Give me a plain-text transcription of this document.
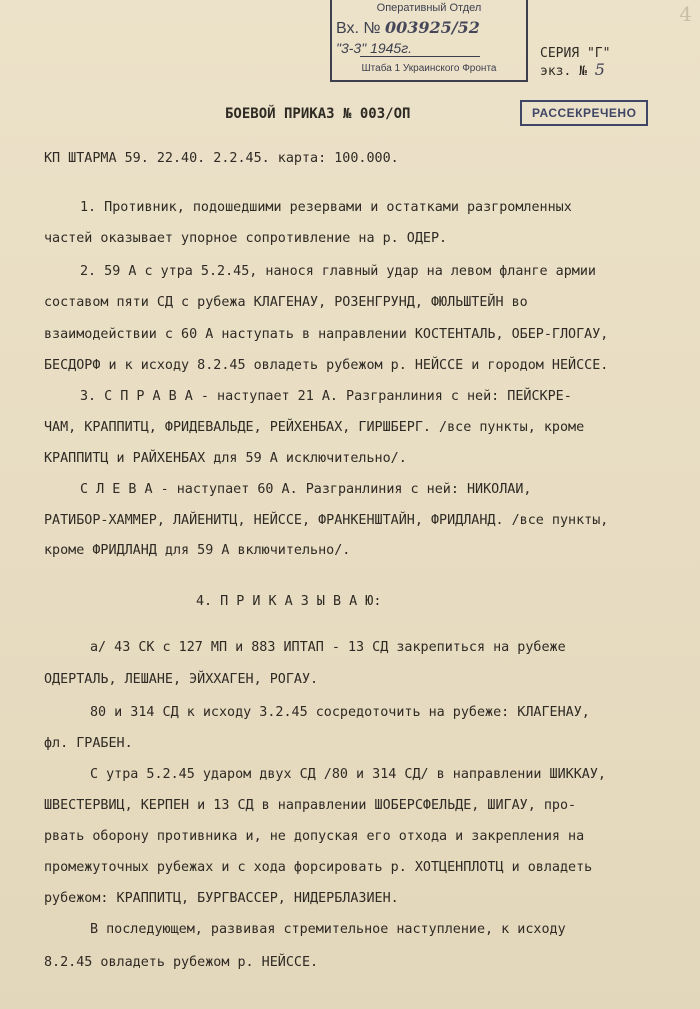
4
Оперативный Отдел
Вх. № 003925/52
"3-3" 1945г.
Штаба 1 Украинского Фронта
СЕРИЯ "Г"
экз. № 5
РАССЕКРЕЧЕНО
БОЕВОЙ ПРИКАЗ № 003/ОП
КП ШТАРМА 59. 22.40. 2.2.45. карта: 100.000.
1. Противник, подошедшими резервами и остатками разгромленных
частей оказывает упорное сопротивление на р. ОДЕР.
2. 59 А с утра 5.2.45, нанося главный удар на левом фланге армии
составом пяти СД с рубежа КЛАГЕНАУ, РОЗЕНГРУНД, ФЮЛЬШТЕЙН во
взаимодействии с 60 А наступать в направлении КОСТЕНТАЛЬ, ОБЕР-ГЛОГАУ,
БЕСДОРФ и к исходу 8.2.45 овладеть рубежом р. НЕЙССЕ и городом НЕЙССЕ.
3. С П Р А В А - наступает 21 А. Разгранлиния с ней: ПЕЙСКРЕ-
ЧАМ, КРАППИТЦ, ФРИДЕВАЛЬДЕ, РЕЙХЕНБАХ, ГИРШБЕРГ. /все пункты, кроме
КРАППИТЦ и РАЙХЕНБАХ для 59 А исключительно/.
С Л Е В А - наступает 60 А. Разгранлиния с ней: НИКОЛАИ,
РАТИБОР-ХАММЕР, ЛАЙЕНИТЦ, НЕЙССЕ, ФРАНКЕНШТАЙН, ФРИДЛАНД. /все пункты,
кроме ФРИДЛАНД для 59 А включительно/.
4. П Р И К А З Ы В А Ю:
а/ 43 СК с 127 МП и 883 ИПТАП - 13 СД закрепиться на рубеже
ОДЕРТАЛЬ, ЛЕШАНЕ, ЭЙХХАГЕН, РОГАУ.
80 и 314 СД к исходу 3.2.45 сосредоточить на рубеже: КЛАГЕНАУ,
фл. ГРАБЕН.
С утра 5.2.45 ударом двух СД /80 и 314 СД/ в направлении ШИККАУ,
ШВЕСТЕРВИЦ, КЕРПЕН и 13 СД в направлении ШОБЕРСФЕЛЬДЕ, ШИГАУ, про-
рвать оборону противника и, не допуская его отхода и закрепления на
промежуточных рубежах и с хода форсировать р. ХОТЦЕНПЛОТЦ и овладеть
рубежом: КРАППИТЦ, БУРГВАССЕР, НИДЕРБЛАЗИЕН.
В последующем, развивая стремительное наступление, к исходу
8.2.45 овладеть рубежом р. НЕЙССЕ.
